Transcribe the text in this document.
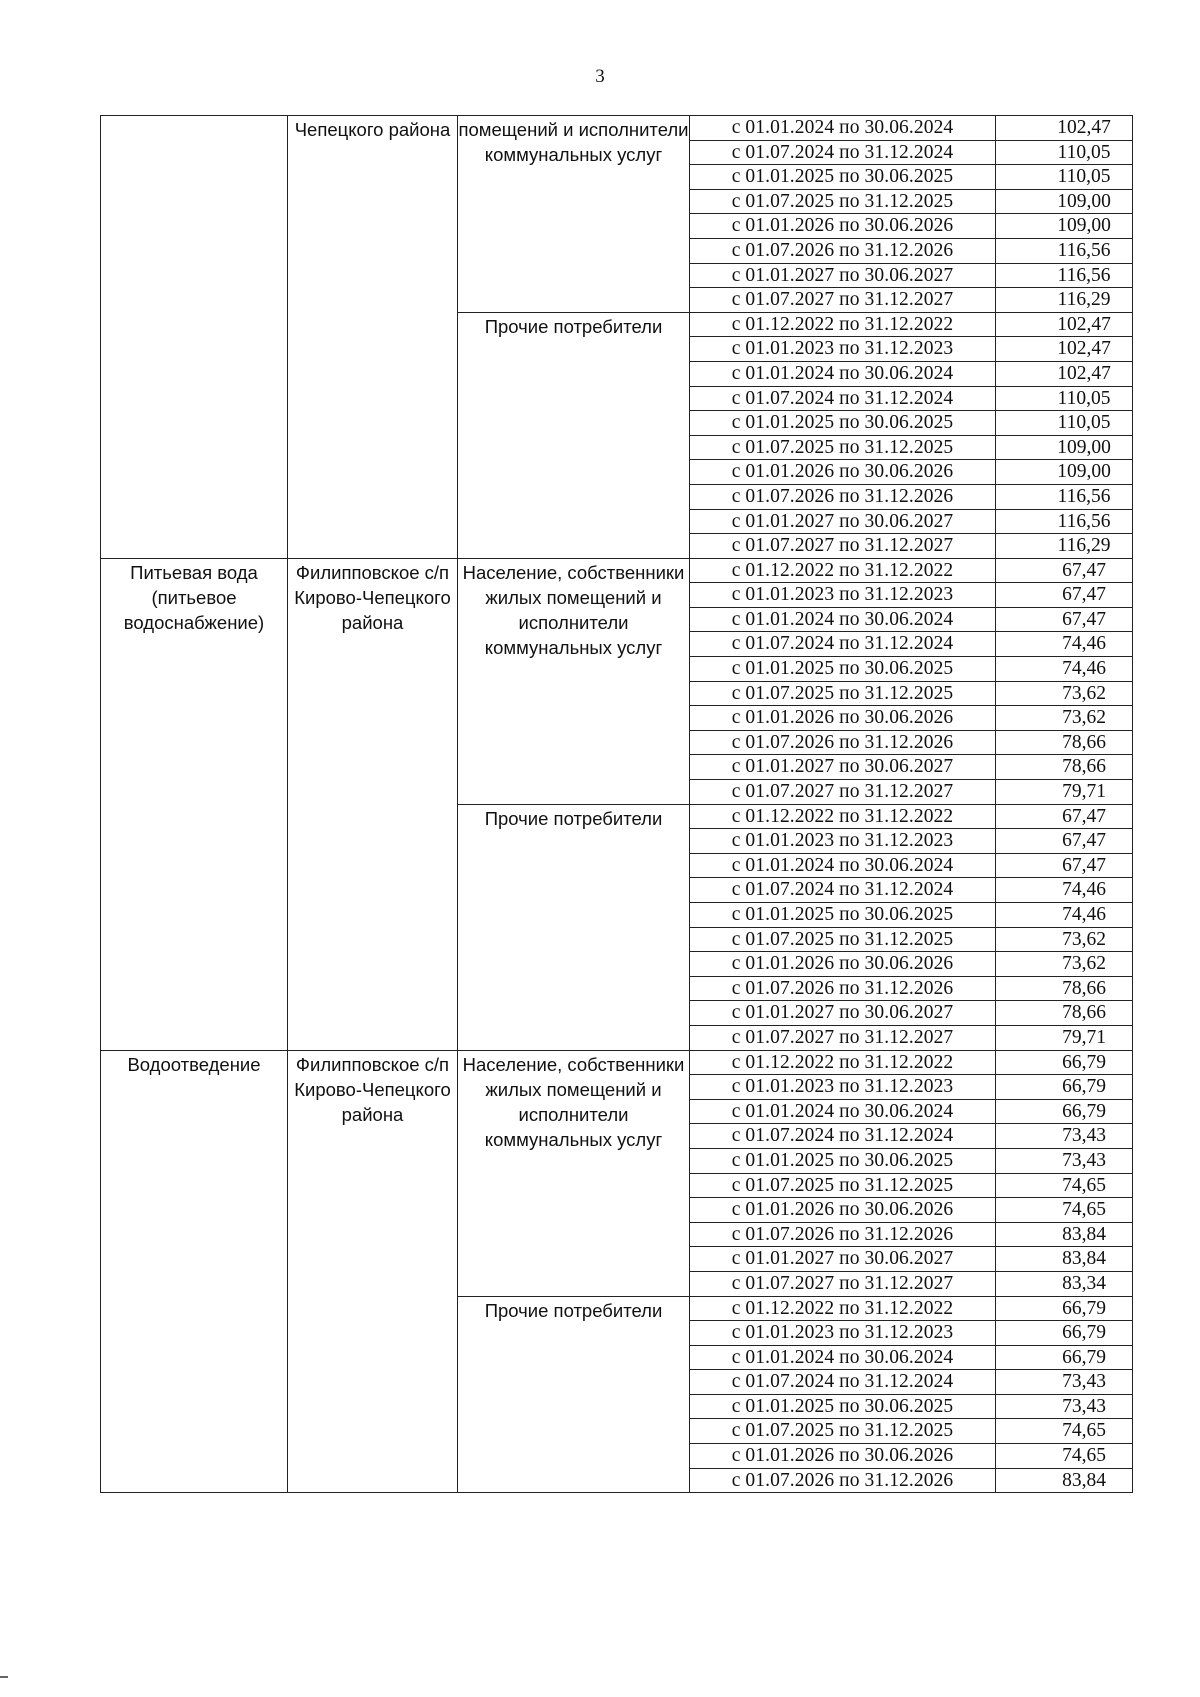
3
	Чепецкого района	помещений и исполнители коммунальных услуг	с 01.01.2024 по 30.06.2024	102,47
			с 01.07.2024 по 31.12.2024	110,05
			с 01.01.2025 по 30.06.2025	110,05
			с 01.07.2025 по 31.12.2025	109,00
			с 01.01.2026 по 30.06.2026	109,00
			с 01.07.2026 по 31.12.2026	116,56
			с 01.01.2027 по 30.06.2027	116,56
			с 01.07.2027 по 31.12.2027	116,29
		Прочие потребители	с 01.12.2022 по 31.12.2022	102,47
			с 01.01.2023 по 31.12.2023	102,47
			с 01.01.2024 по 30.06.2024	102,47
			с 01.07.2024 по 31.12.2024	110,05
			с 01.01.2025 по 30.06.2025	110,05
			с 01.07.2025 по 31.12.2025	109,00
			с 01.01.2026 по 30.06.2026	109,00
			с 01.07.2026 по 31.12.2026	116,56
			с 01.01.2027 по 30.06.2027	116,56
			с 01.07.2027 по 31.12.2027	116,29
Питьевая вода (питьевое водоснабжение)	Филипповское с/п Кирово-Чепецкого района	Население, собственники жилых помещений и исполнители коммунальных услуг	с 01.12.2022 по 31.12.2022	67,47
			с 01.01.2023 по 31.12.2023	67,47
			с 01.01.2024 по 30.06.2024	67,47
			с 01.07.2024 по 31.12.2024	74,46
			с 01.01.2025 по 30.06.2025	74,46
			с 01.07.2025 по 31.12.2025	73,62
			с 01.01.2026 по 30.06.2026	73,62
			с 01.07.2026 по 31.12.2026	78,66
			с 01.01.2027 по 30.06.2027	78,66
			с 01.07.2027 по 31.12.2027	79,71
		Прочие потребители	с 01.12.2022 по 31.12.2022	67,47
			с 01.01.2023 по 31.12.2023	67,47
			с 01.01.2024 по 30.06.2024	67,47
			с 01.07.2024 по 31.12.2024	74,46
			с 01.01.2025 по 30.06.2025	74,46
			с 01.07.2025 по 31.12.2025	73,62
			с 01.01.2026 по 30.06.2026	73,62
			с 01.07.2026 по 31.12.2026	78,66
			с 01.01.2027 по 30.06.2027	78,66
			с 01.07.2027 по 31.12.2027	79,71
Водоотведение	Филипповское с/п Кирово-Чепецкого района	Население, собственники жилых помещений и исполнители коммунальных услуг	с 01.12.2022 по 31.12.2022	66,79
			с 01.01.2023 по 31.12.2023	66,79
			с 01.01.2024 по 30.06.2024	66,79
			с 01.07.2024 по 31.12.2024	73,43
			с 01.01.2025 по 30.06.2025	73,43
			с 01.07.2025 по 31.12.2025	74,65
			с 01.01.2026 по 30.06.2026	74,65
			с 01.07.2026 по 31.12.2026	83,84
			с 01.01.2027 по 30.06.2027	83,84
			с 01.07.2027 по 31.12.2027	83,34
		Прочие потребители	с 01.12.2022 по 31.12.2022	66,79
			с 01.01.2023 по 31.12.2023	66,79
			с 01.01.2024 по 30.06.2024	66,79
			с 01.07.2024 по 31.12.2024	73,43
			с 01.01.2025 по 30.06.2025	73,43
			с 01.07.2025 по 31.12.2025	74,65
			с 01.01.2026 по 30.06.2026	74,65
			с 01.07.2026 по 31.12.2026	83,84
